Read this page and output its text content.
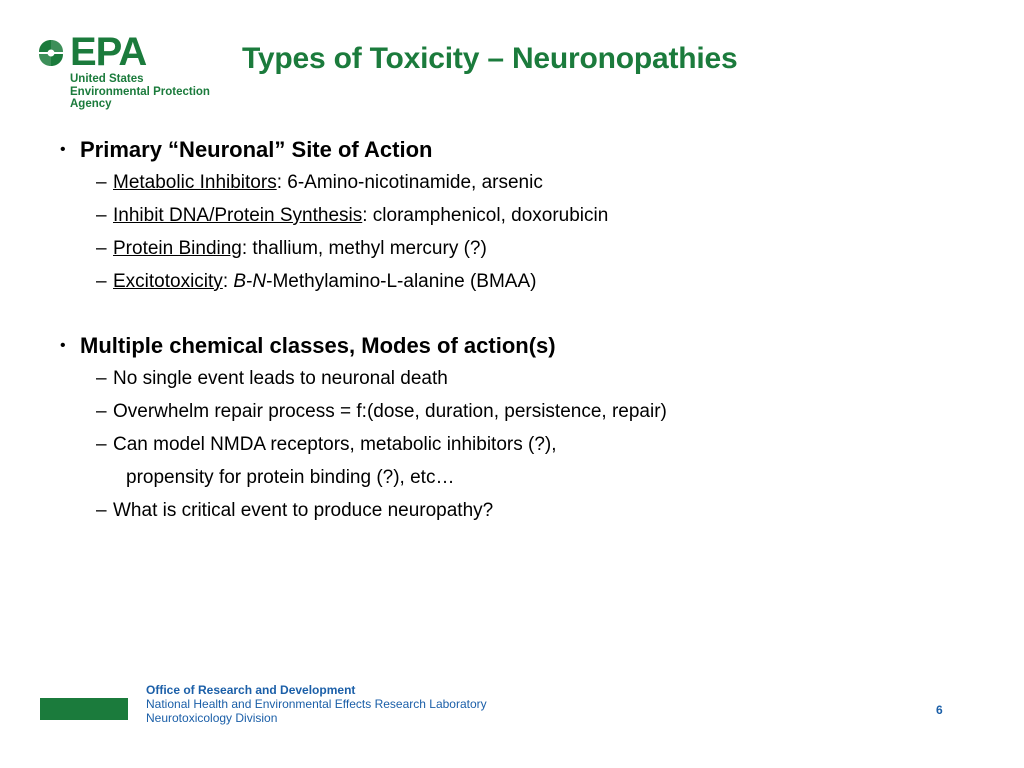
EPA
United States
Environmental Protection
Agency
Types of Toxicity – Neuronopathies
• Primary “Neuronal” Site of Action
– Metabolic Inhibitors: 6-Amino-nicotinamide, arsenic
– Inhibit DNA/Protein Synthesis: cloramphenicol, doxorubicin
– Protein Binding: thallium, methyl mercury (?)
– Excitotoxicity: B-N-Methylamino-L-alanine (BMAA)
• Multiple chemical classes, Modes of action(s)
– No single event leads to neuronal death
– Overwhelm repair process = f:(dose, duration, persistence, repair)
– Can model NMDA receptors, metabolic inhibitors (?),
propensity for protein binding (?), etc…
– What is critical event to produce neuropathy?
Office of Research and Development
National Health and Environmental Effects Research Laboratory
Neurotoxicology Division
6
